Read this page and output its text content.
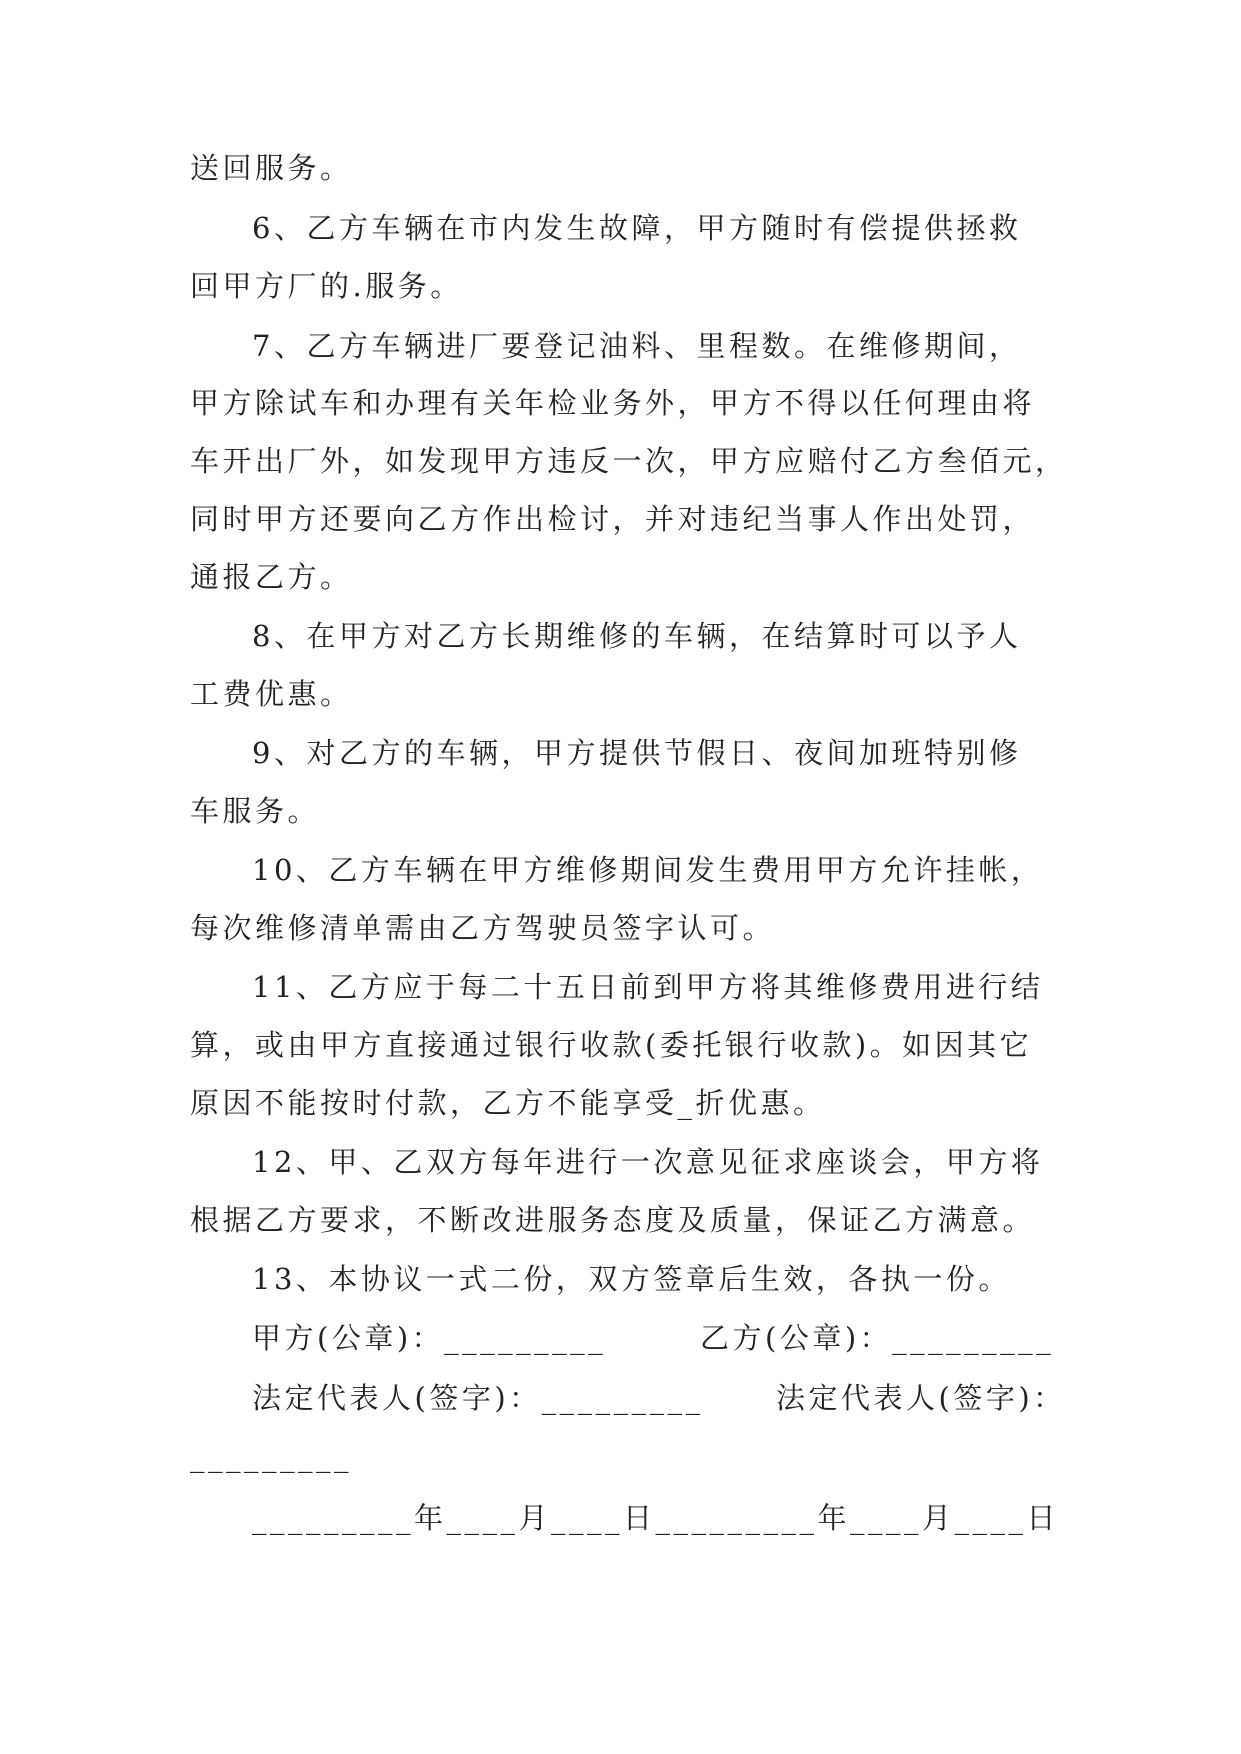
送回服务。
6、乙方车辆在市内发生故障，甲方随时有偿提供拯救
回甲方厂的.服务。
7、乙方车辆进厂要登记油料、里程数。在维修期间，
甲方除试车和办理有关年检业务外，甲方不得以任何理由将
车开出厂外，如发现甲方违反一次，甲方应赔付乙方叁佰元，
同时甲方还要向乙方作出检讨，并对违纪当事人作出处罚，
通报乙方。
8、在甲方对乙方长期维修的车辆，在结算时可以予人
工费优惠。
9、对乙方的车辆，甲方提供节假日、夜间加班特别修
车服务。
10、乙方车辆在甲方维修期间发生费用甲方允许挂帐，
每次维修清单需由乙方驾驶员签字认可。
11、乙方应于每二十五日前到甲方将其维修费用进行结
算，或由甲方直接通过银行收款(委托银行收款)。如因其它
原因不能按时付款，乙方不能享受_折优惠。
12、甲、乙双方每年进行一次意见征求座谈会，甲方将
根据乙方要求，不断改进服务态度及质量，保证乙方满意。
13、本协议一式二份，双方签章后生效，各执一份。
甲方(公章)：_________	乙方(公章)：_________
法定代表人(签字)：_________ 法定代表人(签字)：
_________
_________年____月____日_________年____月____日
